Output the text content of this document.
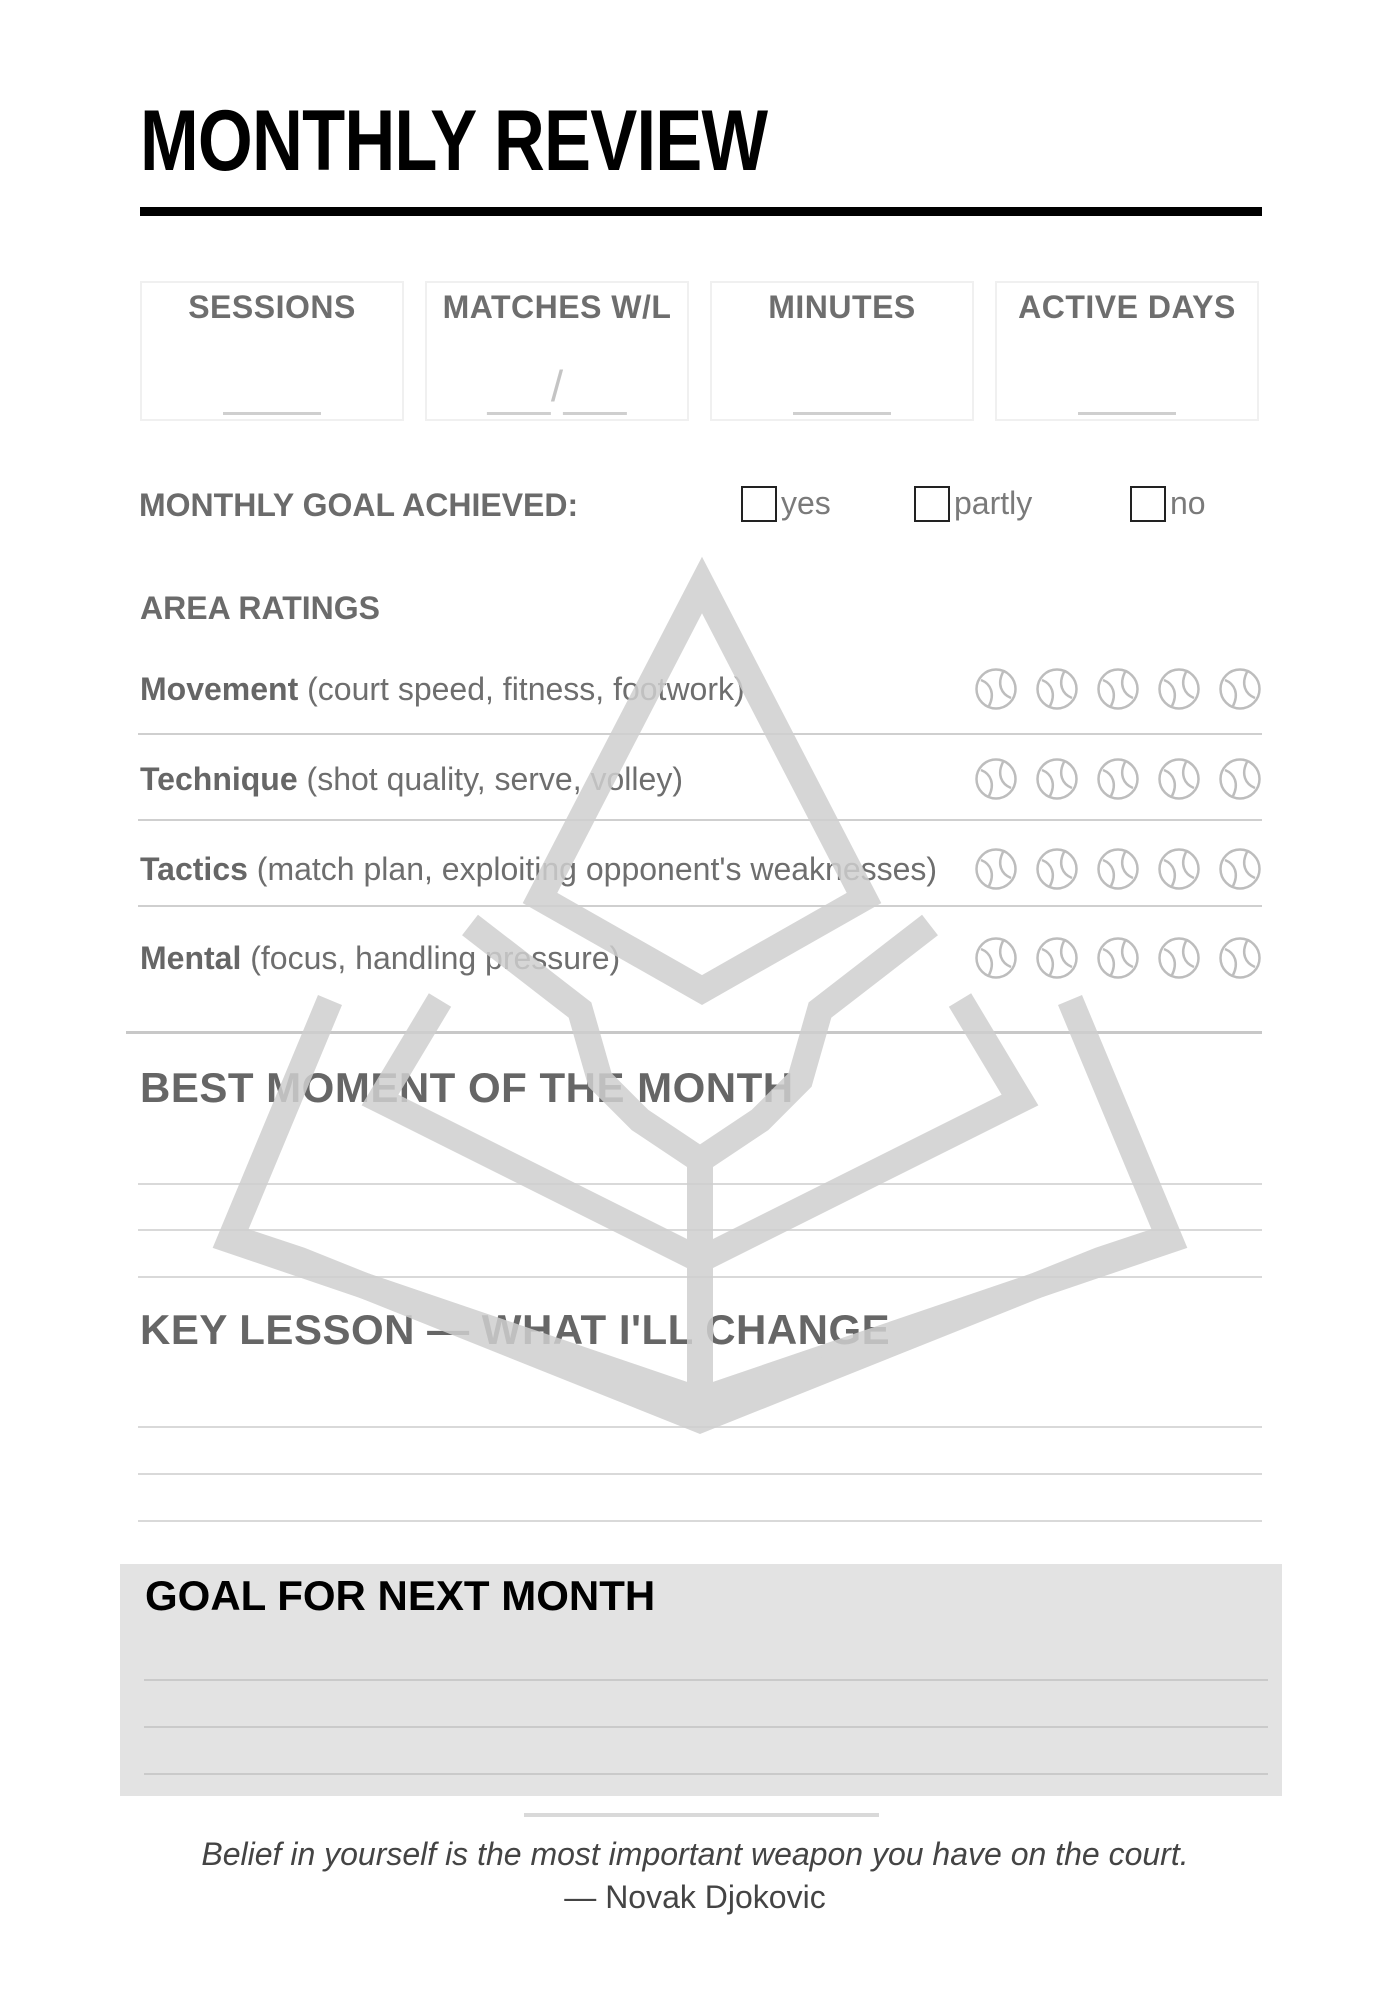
MONTHLY REVIEW
SESSIONS	MATCHES W/L
/
MINUTES	ACTIVE DAYS
MONTHLY GOAL ACHIEVED:	yes	partly	no
AREA RATINGS
Movement (court speed, fitness, footwork)
Technique (shot quality, serve, volley)
Tactics (match plan, exploiting opponent's weaknesses)
Mental (focus, handling pressure)
BEST MOMENT OF THE MONTH
KEY LESSON — WHAT I'LL CHANGE
GOAL FOR NEXT MONTH
Belief in yourself is the most important weapon you have on the court.
— Novak Djokovic
